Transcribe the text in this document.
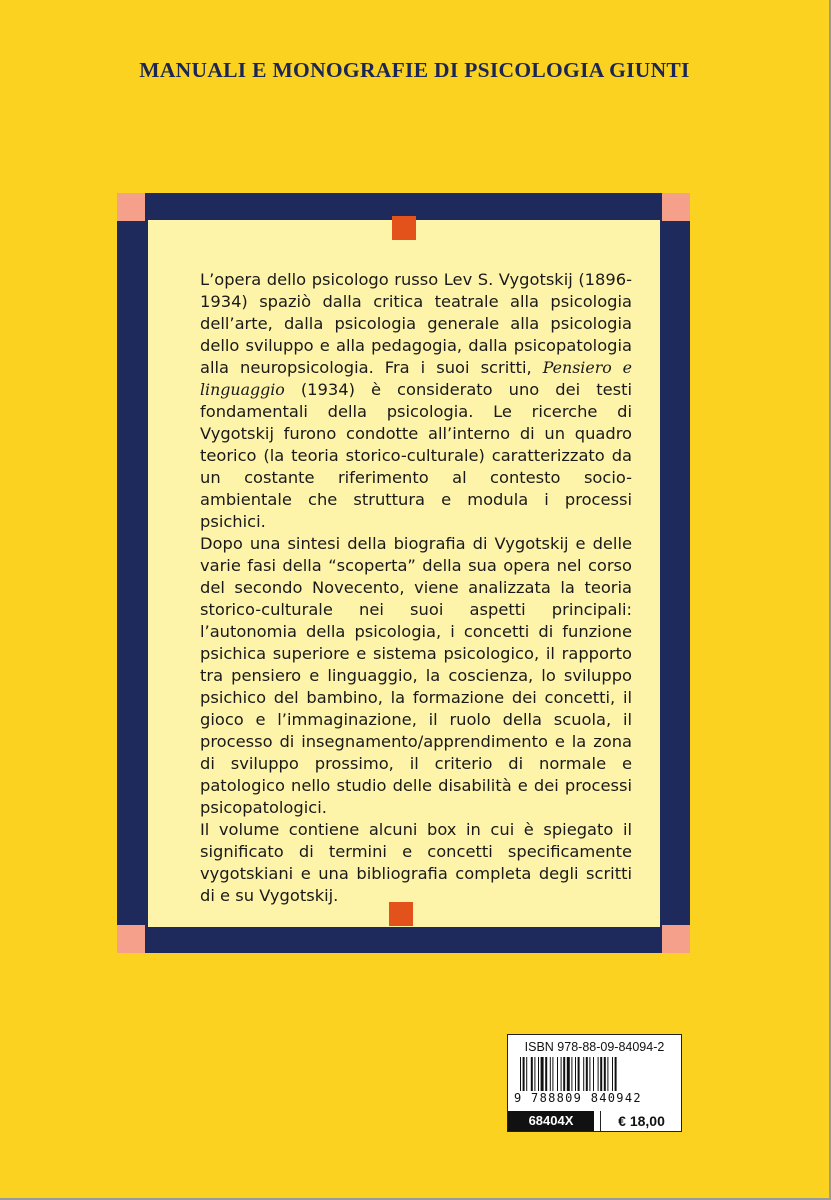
MANUALI E MONOGRAFIE DI PSICOLOGIA GIUNTI

L’opera dello psicologo russo Lev S. Vygotskij (1896-1934) spaziò dalla critica teatrale alla psicologia dell’arte, dalla psicologia generale alla psicologia dello sviluppo e alla pedagogia, dalla psicopatologia alla neuropsicologia. Fra i suoi scritti, Pensiero e linguaggio (1934) è considerato uno dei testi fondamentali della psicologia. Le ricerche di Vygotskij furono condotte all’interno di un quadro teorico (la teoria storico-culturale) caratterizzato da un costante riferimento al contesto socio-ambientale che struttura e modula i processi psichici.

Dopo una sintesi della biografia di Vygotskij e delle varie fasi della “scoperta” della sua opera nel corso del secondo Novecento, viene analizzata la teoria storico-culturale nei suoi aspetti principali: l’autonomia della psicologia, i concetti di funzione psichica superiore e sistema psicologico, il rapporto tra pensiero e linguaggio, la coscienza, lo sviluppo psichico del bambino, la formazione dei concetti, il gioco e l’immaginazione, il ruolo della scuola, il processo di insegnamento/apprendimento e la zona di sviluppo prossimo, il criterio di normale e patologico nello studio delle disabilità e dei processi psicopatologici.

Il volume contiene alcuni box in cui è spiegato il significato di termini e concetti specificamente vygotskiani e una bibliografia completa degli scritti di e su Vygotskij.

ISBN 978-88-09-84094-2
9 788809 840942
68404X	€ 18,00
